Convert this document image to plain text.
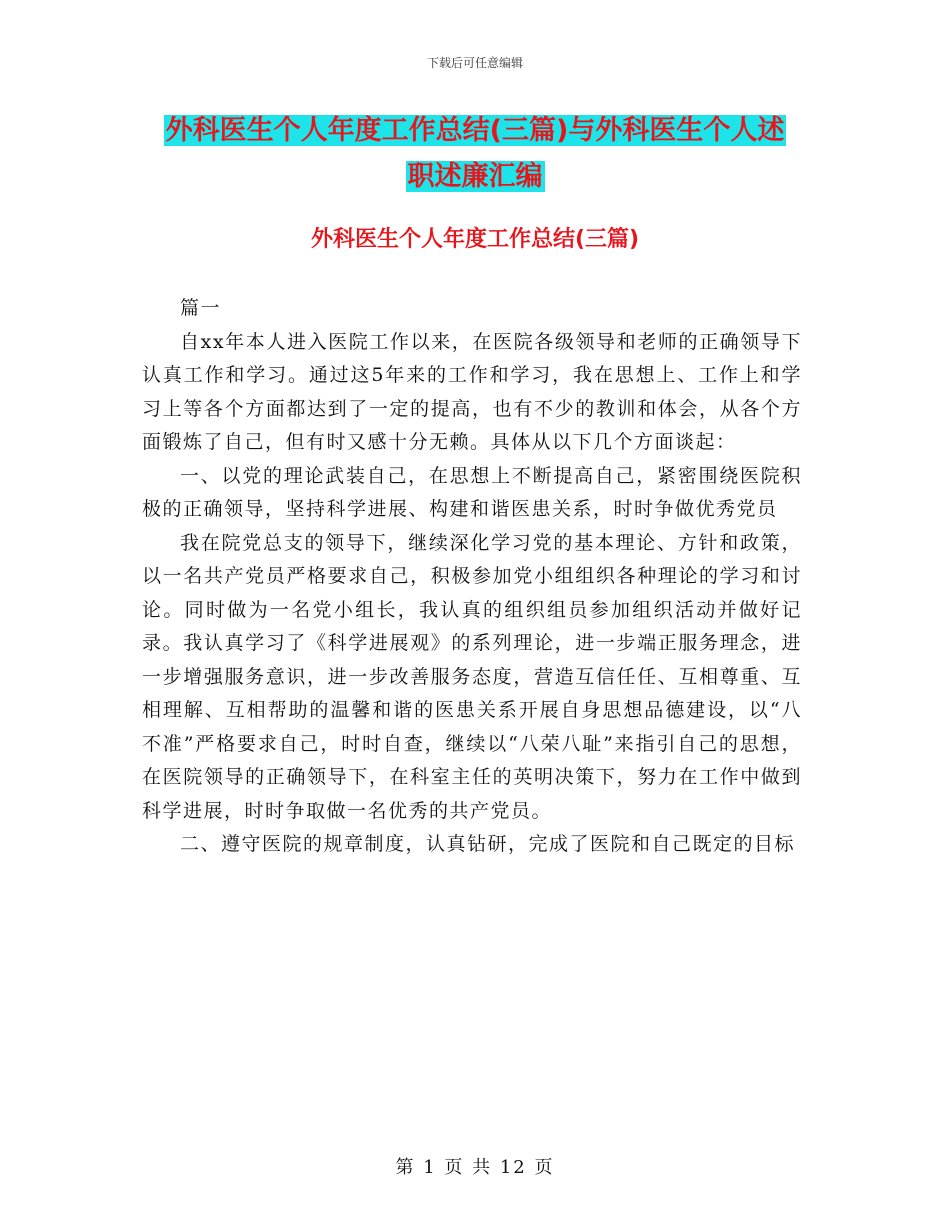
下载后可任意编辑
外科医生个人年度工作总结(三篇)与外科医生个人述
职述廉汇编
外科医生个人年度工作总结(三篇)

篇一

自xx年本人进入医院工作以来，在医院各级领导和老师的正确领导下认真工作和学习。通过这5年来的工作和学习，我在思想上、工作上和学习上等各个方面都达到了一定的提高，也有不少的教训和体会，从各个方面锻炼了自己，但有时又感十分无赖。具体从以下几个方面谈起：

一、以党的理论武装自己，在思想上不断提高自己，紧密围绕医院积极的正确领导，坚持科学进展、构建和谐医患关系，时时争做优秀党员

我在院党总支的领导下，继续深化学习党的基本理论、方针和政策，以一名共产党员严格要求自己，积极参加党小组组织各种理论的学习和讨论。同时做为一名党小组长，我认真的组织组员参加组织活动并做好记录。我认真学习了《科学进展观》的系列理论，进一步端正服务理念，进一步增强服务意识，进一步改善服务态度，营造互信任任、互相尊重、互相理解、互相帮助的温馨和谐的医患关系开展自身思想品德建设，以“八不准”严格要求自己，时时自查，继续以“八荣八耻”来指引自己的思想，在医院领导的正确领导下，在科室主任的英明决策下，努力在工作中做到科学进展，时时争取做一名优秀的共产党员。

二、遵守医院的规章制度，认真钻研，完成了医院和自己既定的目标

第 1 页 共 12 页
